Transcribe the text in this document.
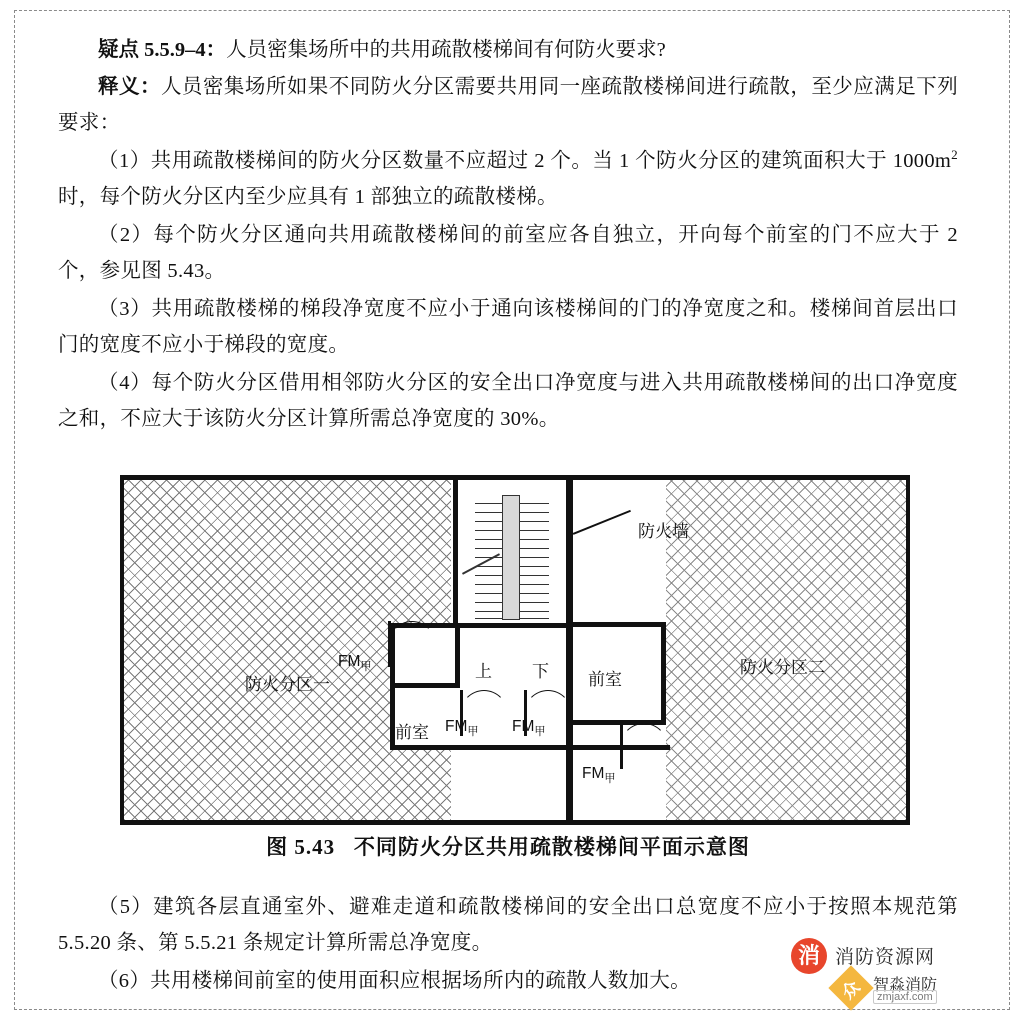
疑点 5.5.9–4：人员密集场所中的共用疏散楼梯间有何防火要求?

释义：人员密集场所如果不同防火分区需要共用同一座疏散楼梯间进行疏散，至少应满足下列要求：

（1）共用疏散楼梯间的防火分区数量不应超过 2 个。当 1 个防火分区的建筑面积大于 $1000m^2$ 时，每个防火分区内至少应具有 1 部独立的疏散楼梯。

（2）每个防火分区通向共用疏散楼梯间的前室应各自独立，开向每个前室的门不应大于 2 个，参见图 5.43。

（3）共用疏散楼梯的梯段净宽度不应小于通向该楼梯间的门的净宽度之和。楼梯间首层出口门的宽度不应小于梯段的宽度。

（4）每个防火分区借用相邻防火分区的安全出口净宽度与进入共用疏散楼梯间的出口净宽度之和，不应大于该防火分区计算所需总净宽度的 30%。

防火分区一
防火分区二
防火墙
上 下 前室
前室
$FM_甲$
$FM_甲$ $FM_甲$
$FM_甲$
图 5.43 不同防火分区共用疏散楼梯间平面示意图

（5）建筑各层直通室外、避难走道和疏散楼梯间的安全出口总宽度不应小于按照本规范第 5.5.20 条、第 5.5.21 条规定计算所需总净宽度。

（6）共用楼梯间前室的使用面积应根据场所内的疏散人数加大。

消 消防资源网
众 智淼消防
zmjaxf.com
